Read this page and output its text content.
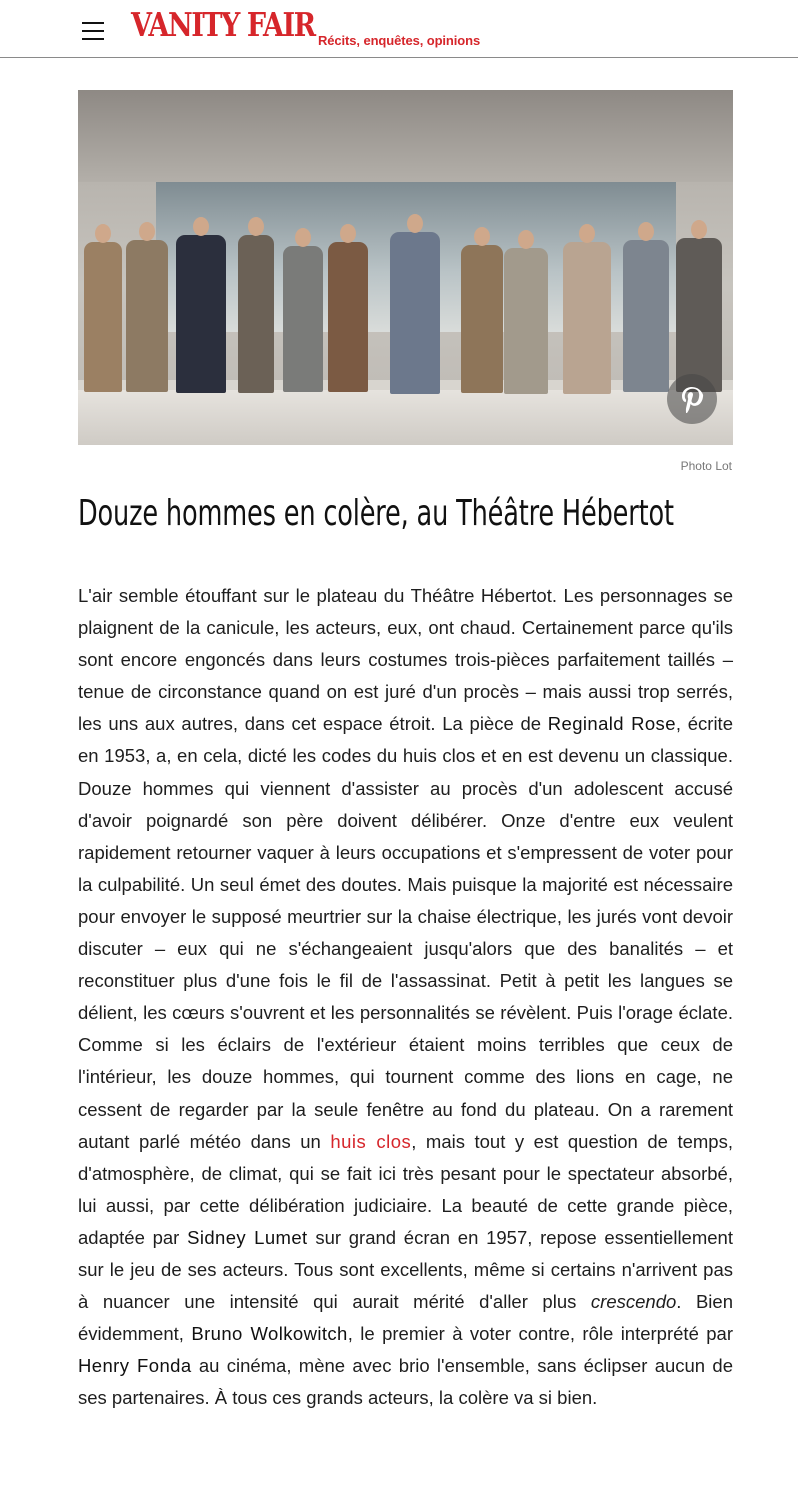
VANITY FAIR Récits, enquêtes, opinions
Photo Lot
Douze hommes en colère, au Théâtre Hébertot

L'air semble étouffant sur le plateau du Théâtre Hébertot. Les personnages se plaignent de la canicule, les acteurs, eux, ont chaud. Certainement parce qu'ils sont encore engoncés dans leurs costumes trois-pièces parfaitement taillés – tenue de circonstance quand on est juré d'un procès – mais aussi trop serrés, les uns aux autres, dans cet espace étroit. La pièce de Reginald Rose, écrite en 1953, a, en cela, dicté les codes du huis clos et en est devenu un classique. Douze hommes qui viennent d'assister au procès d'un adolescent accusé d'avoir poignardé son père doivent délibérer. Onze d'entre eux veulent rapidement retourner vaquer à leurs occupations et s'empressent de voter pour la culpabilité. Un seul émet des doutes. Mais puisque la majorité est nécessaire pour envoyer le supposé meurtrier sur la chaise électrique, les jurés vont devoir discuter – eux qui ne s'échangeaient jusqu'alors que des banalités – et reconstituer plus d'une fois le fil de l'assassinat. Petit à petit les langues se délient, les cœurs s'ouvrent et les personnalités se révèlent. Puis l'orage éclate. Comme si les éclairs de l'extérieur étaient moins terribles que ceux de l'intérieur, les douze hommes, qui tournent comme des lions en cage, ne cessent de regarder par la seule fenêtre au fond du plateau. On a rarement autant parlé météo dans un huis clos, mais tout y est question de temps, d'atmosphère, de climat, qui se fait ici très pesant pour le spectateur absorbé, lui aussi, par cette délibération judiciaire. La beauté de cette grande pièce, adaptée par Sidney Lumet sur grand écran en 1957, repose essentiellement sur le jeu de ses acteurs. Tous sont excellents, même si certains n'arrivent pas à nuancer une intensité qui aurait mérité d'aller plus crescendo. Bien évidemment, Bruno Wolkowitch, le premier à voter contre, rôle interprété par Henry Fonda au cinéma, mène avec brio l'ensemble, sans éclipser aucun de ses partenaires. À tous ces grands acteurs, la colère va si bien.
